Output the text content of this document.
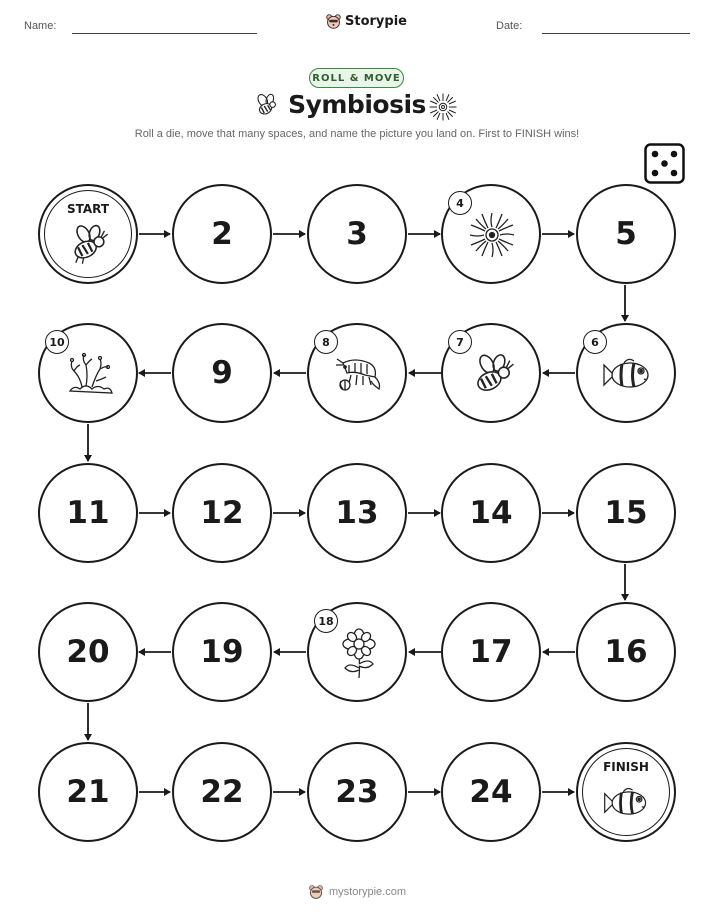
Name:	Date:
Storypie
ROLL & MOVE
Symbiosis
Roll a die, move that many spaces, and name the picture you land on. First to FINISH wins!
START
2	3
4
5
10
9
8	7	6
11	12	13	14	15
20	19
18
17	16
21	22	23	24
FINISH
mystorypie.com
